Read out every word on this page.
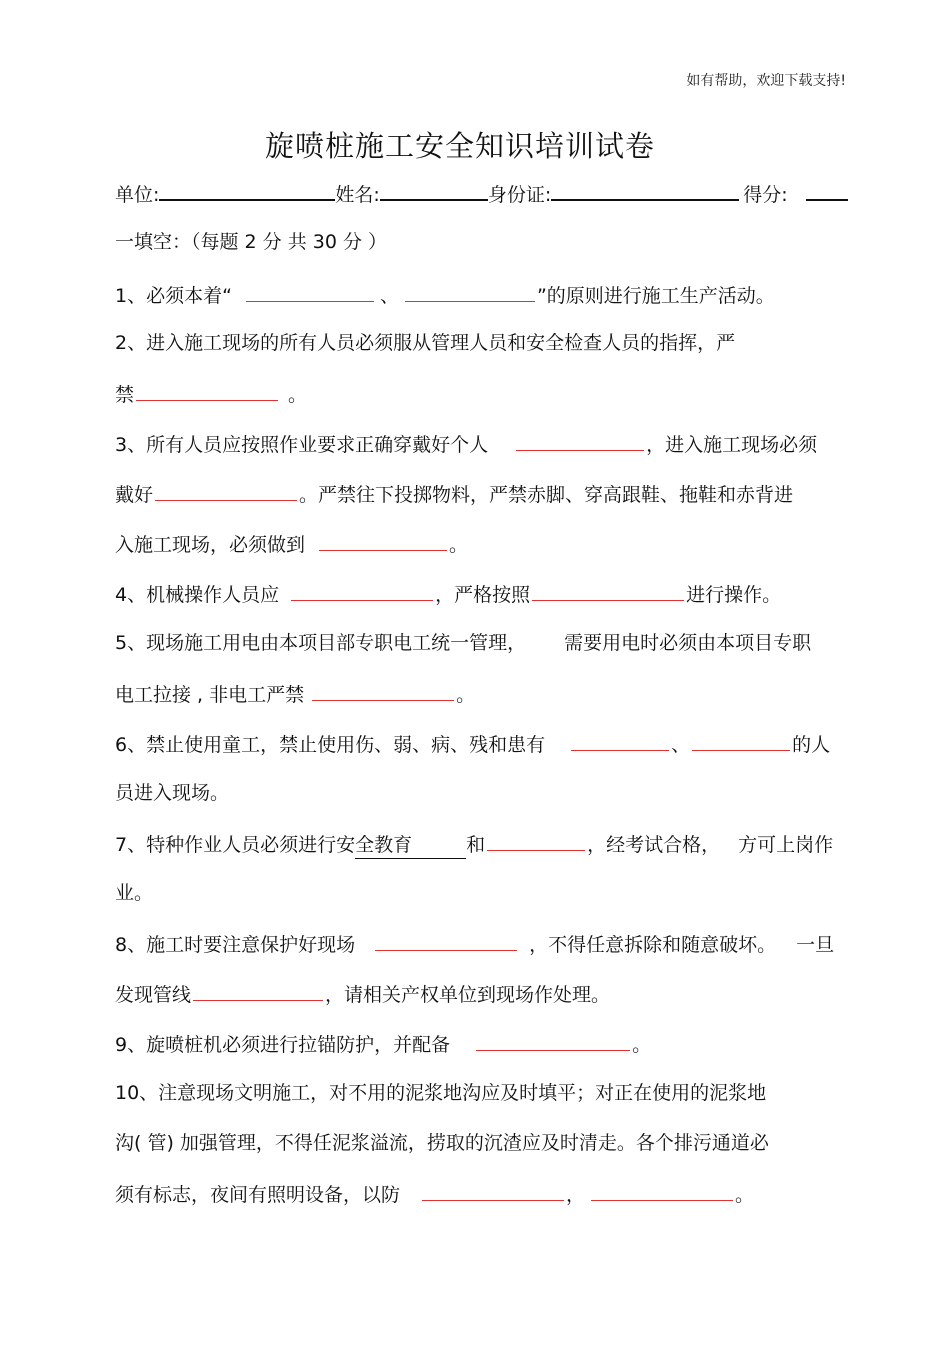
如有帮助，欢迎下载支持!
旋喷桩施工安全知识培训试卷
单位:	姓名:	身份证:	得分:
一填空：（每题 2 分 共 30 分 ）
1、必须本着“	、	”的原则进行施工生产活动。
2、进入施工现场的所有人员必须服从管理人员和安全检查人员的指挥，严
禁	。
3、所有人员应按照作业要求正确穿戴好个人	，进入施工现场必须
戴好	。严禁往下投掷物料，严禁赤脚、穿高跟鞋、拖鞋和赤背进
入施工现场，必须做到	。
4、机械操作人员应	，严格按照	进行操作。
5、现场施工用电由本项目部专职电工统一管理， 需要用电时必须由本项目专职
电工拉接 , 非电工严禁	。
6、禁止使用童工，禁止使用伤、弱、病、残和患有	、	的人
员进入现场。
7、特种作业人员必须进行安全教育	和	，经考试合格， 方可上岗作
业。
8、施工时要注意保护好现场	，不得任意拆除和随意破坏。 一旦
发现管线	，请相关产权单位到现场作处理。
9、旋喷桩机必须进行拉锚防护，并配备	。
10、注意现场文明施工，对不用的泥浆地沟应及时填平；对正在使用的泥浆地
沟( 管) 加强管理，不得任泥浆溢流，捞取的沉渣应及时清走。各个排污通道必
须有标志，夜间有照明设备，以防	，	。
